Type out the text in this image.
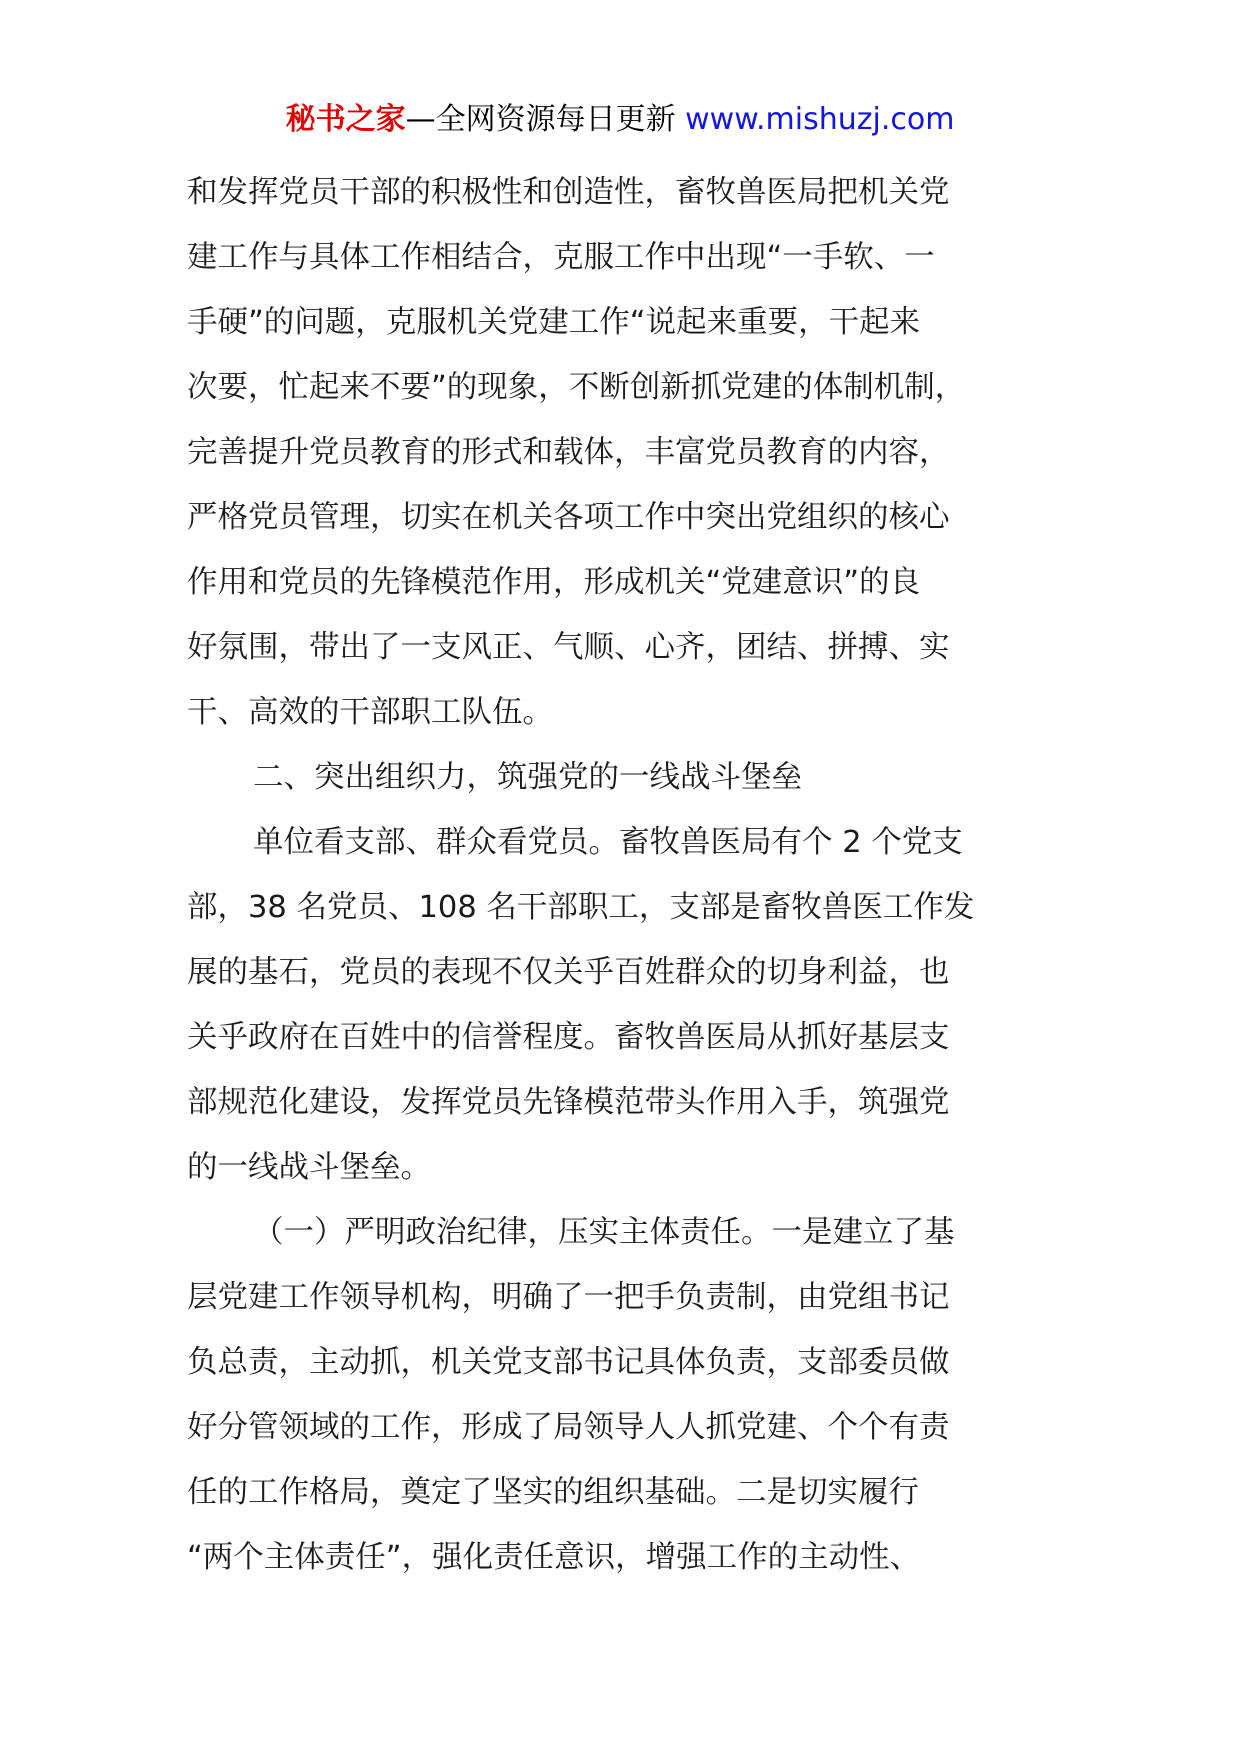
秘书之家—全网资源每日更新 www.mishuzj.com
和发挥党员干部的积极性和创造性，畜牧兽医局把机关党
建工作与具体工作相结合，克服工作中出现“一手软、一
手硬”的问题，克服机关党建工作“说起来重要，干起来
次要，忙起来不要”的现象，不断创新抓党建的体制机制，
完善提升党员教育的形式和载体，丰富党员教育的内容，
严格党员管理，切实在机关各项工作中突出党组织的核心
作用和党员的先锋模范作用，形成机关“党建意识”的良
好氛围，带出了一支风正、气顺、心齐，团结、拼搏、实
干、高效的干部职工队伍。
二、突出组织力，筑强党的一线战斗堡垒
单位看支部、群众看党员。畜牧兽医局有个 2 个党支
部，38 名党员、108 名干部职工，支部是畜牧兽医工作发
展的基石，党员的表现不仅关乎百姓群众的切身利益，也
关乎政府在百姓中的信誉程度。畜牧兽医局从抓好基层支
部规范化建设，发挥党员先锋模范带头作用入手，筑强党
的一线战斗堡垒。
（一）严明政治纪律，压实主体责任。一是建立了基
层党建工作领导机构，明确了一把手负责制，由党组书记
负总责，主动抓，机关党支部书记具体负责，支部委员做
好分管领域的工作，形成了局领导人人抓党建、个个有责
任的工作格局，奠定了坚实的组织基础。二是切实履行
“两个主体责任”，强化责任意识，增强工作的主动性、
